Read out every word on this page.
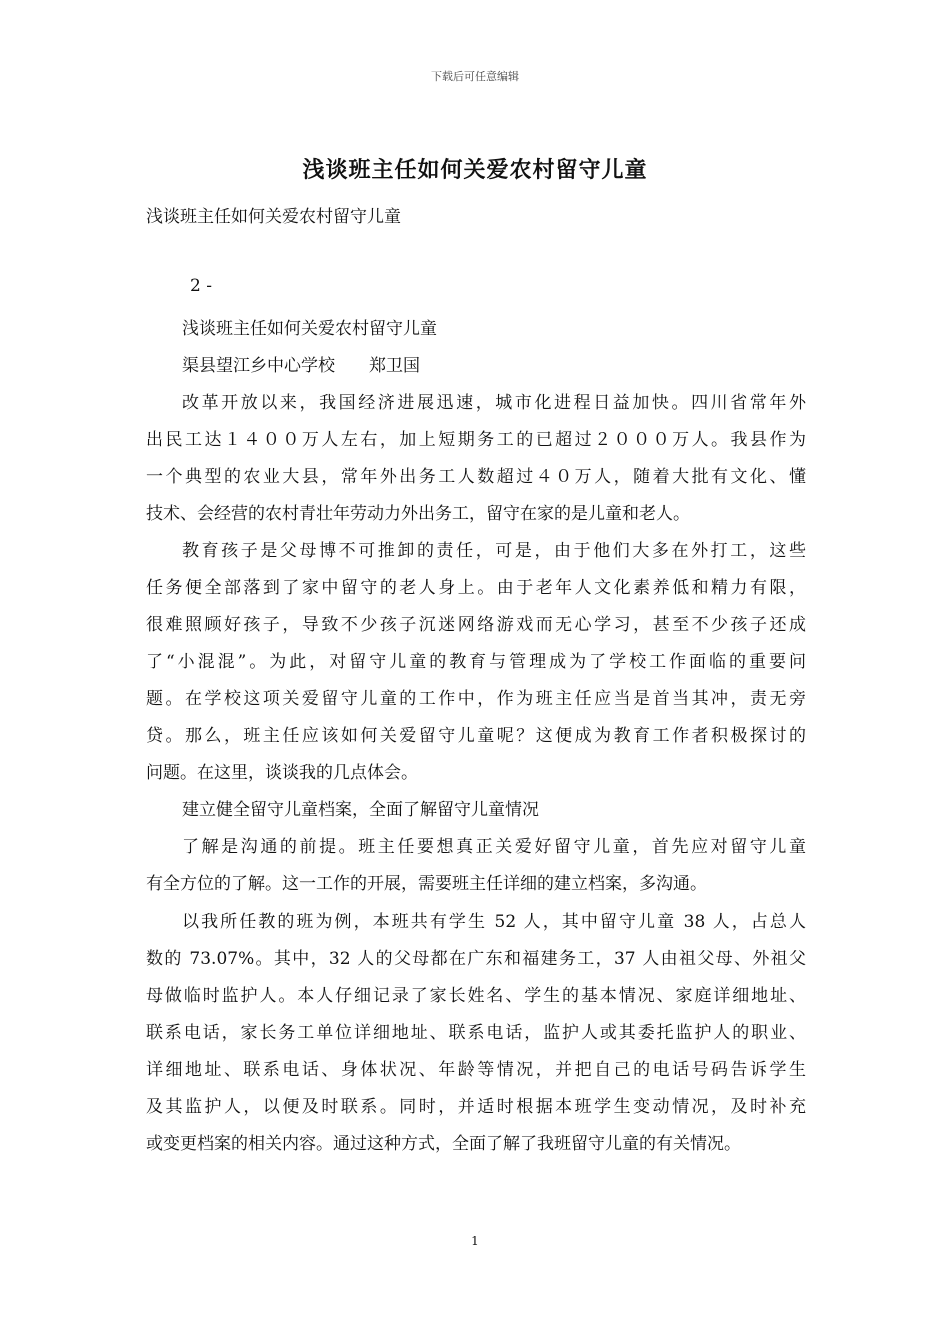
下载后可任意编辑
浅谈班主任如何关爱农村留守儿童
浅谈班主任如何关爱农村留守儿童
2 -
浅谈班主任如何关爱农村留守儿童
渠县望江乡中心学校　　郑卫国
改革开放以来，我国经济进展迅速，城市化进程日益加快。四川省常年外
出民工达１４００万人左右，加上短期务工的已超过２０００万人。我县作为
一个典型的农业大县，常年外出务工人数超过４０万人，随着大批有文化、懂
技术、会经营的农村青壮年劳动力外出务工，留守在家的是儿童和老人。
教育孩子是父母博不可推卸的责任，可是，由于他们大多在外打工，这些
任务便全部落到了家中留守的老人身上。由于老年人文化素养低和精力有限，
很难照顾好孩子，导致不少孩子沉迷网络游戏而无心学习，甚至不少孩子还成
了“小混混”。为此，对留守儿童的教育与管理成为了学校工作面临的重要问
题。在学校这项关爱留守儿童的工作中，作为班主任应当是首当其冲，责无旁
贷。那么，班主任应该如何关爱留守儿童呢？这便成为教育工作者积极探讨的
问题。在这里，谈谈我的几点体会。
建立健全留守儿童档案，全面了解留守儿童情况
了解是沟通的前提。班主任要想真正关爱好留守儿童，首先应对留守儿童
有全方位的了解。这一工作的开展，需要班主任详细的建立档案，多沟通。
以我所任教的班为例，本班共有学生 52 人，其中留守儿童 38 人，占总人
数的 73.07%。其中，32 人的父母都在广东和福建务工，37 人由祖父母、外祖父
母做临时监护人。本人仔细记录了家长姓名、学生的基本情况、家庭详细地址、
联系电话，家长务工单位详细地址、联系电话，监护人或其委托监护人的职业、
详细地址、联系电话、身体状况、年龄等情况，并把自己的电话号码告诉学生
及其监护人，以便及时联系。同时，并适时根据本班学生变动情况，及时补充
或变更档案的相关内容。通过这种方式，全面了解了我班留守儿童的有关情况。
1
